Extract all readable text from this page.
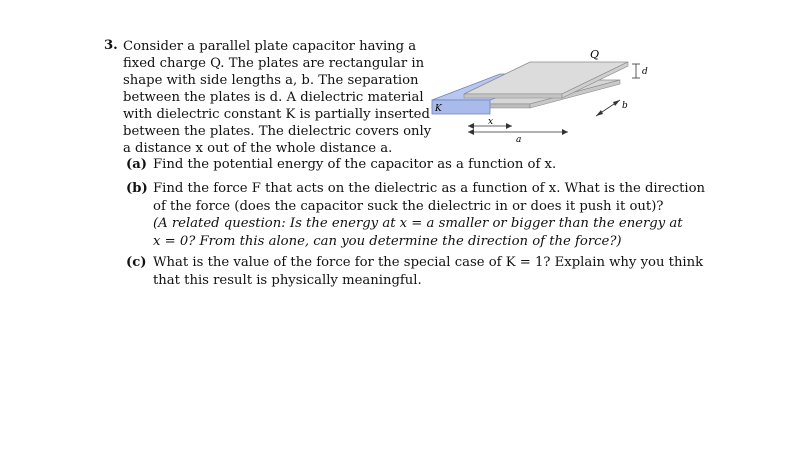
3. Consider a parallel plate capacitor having a
fixed charge Q. The plates are rectangular in
shape with side lengths a, b. The separation
between the plates is d. A dielectric material
with dielectric constant K is partially inserted
between the plates. The dielectric covers only
a distance x out of the whole distance a.
Q
d
b
K
x
a
(a) Find the potential energy of the capacitor as a function of x.
(b) Find the force F that acts on the dielectric as a function of x. What is the direction
of the force (does the capacitor suck the dielectric in or does it push it out)?
(A related question: Is the energy at x = a smaller or bigger than the energy at
x = 0? From this alone, can you determine the direction of the force?)
(c) What is the value of the force for the special case of K = 1? Explain why you think
that this result is physically meaningful.
